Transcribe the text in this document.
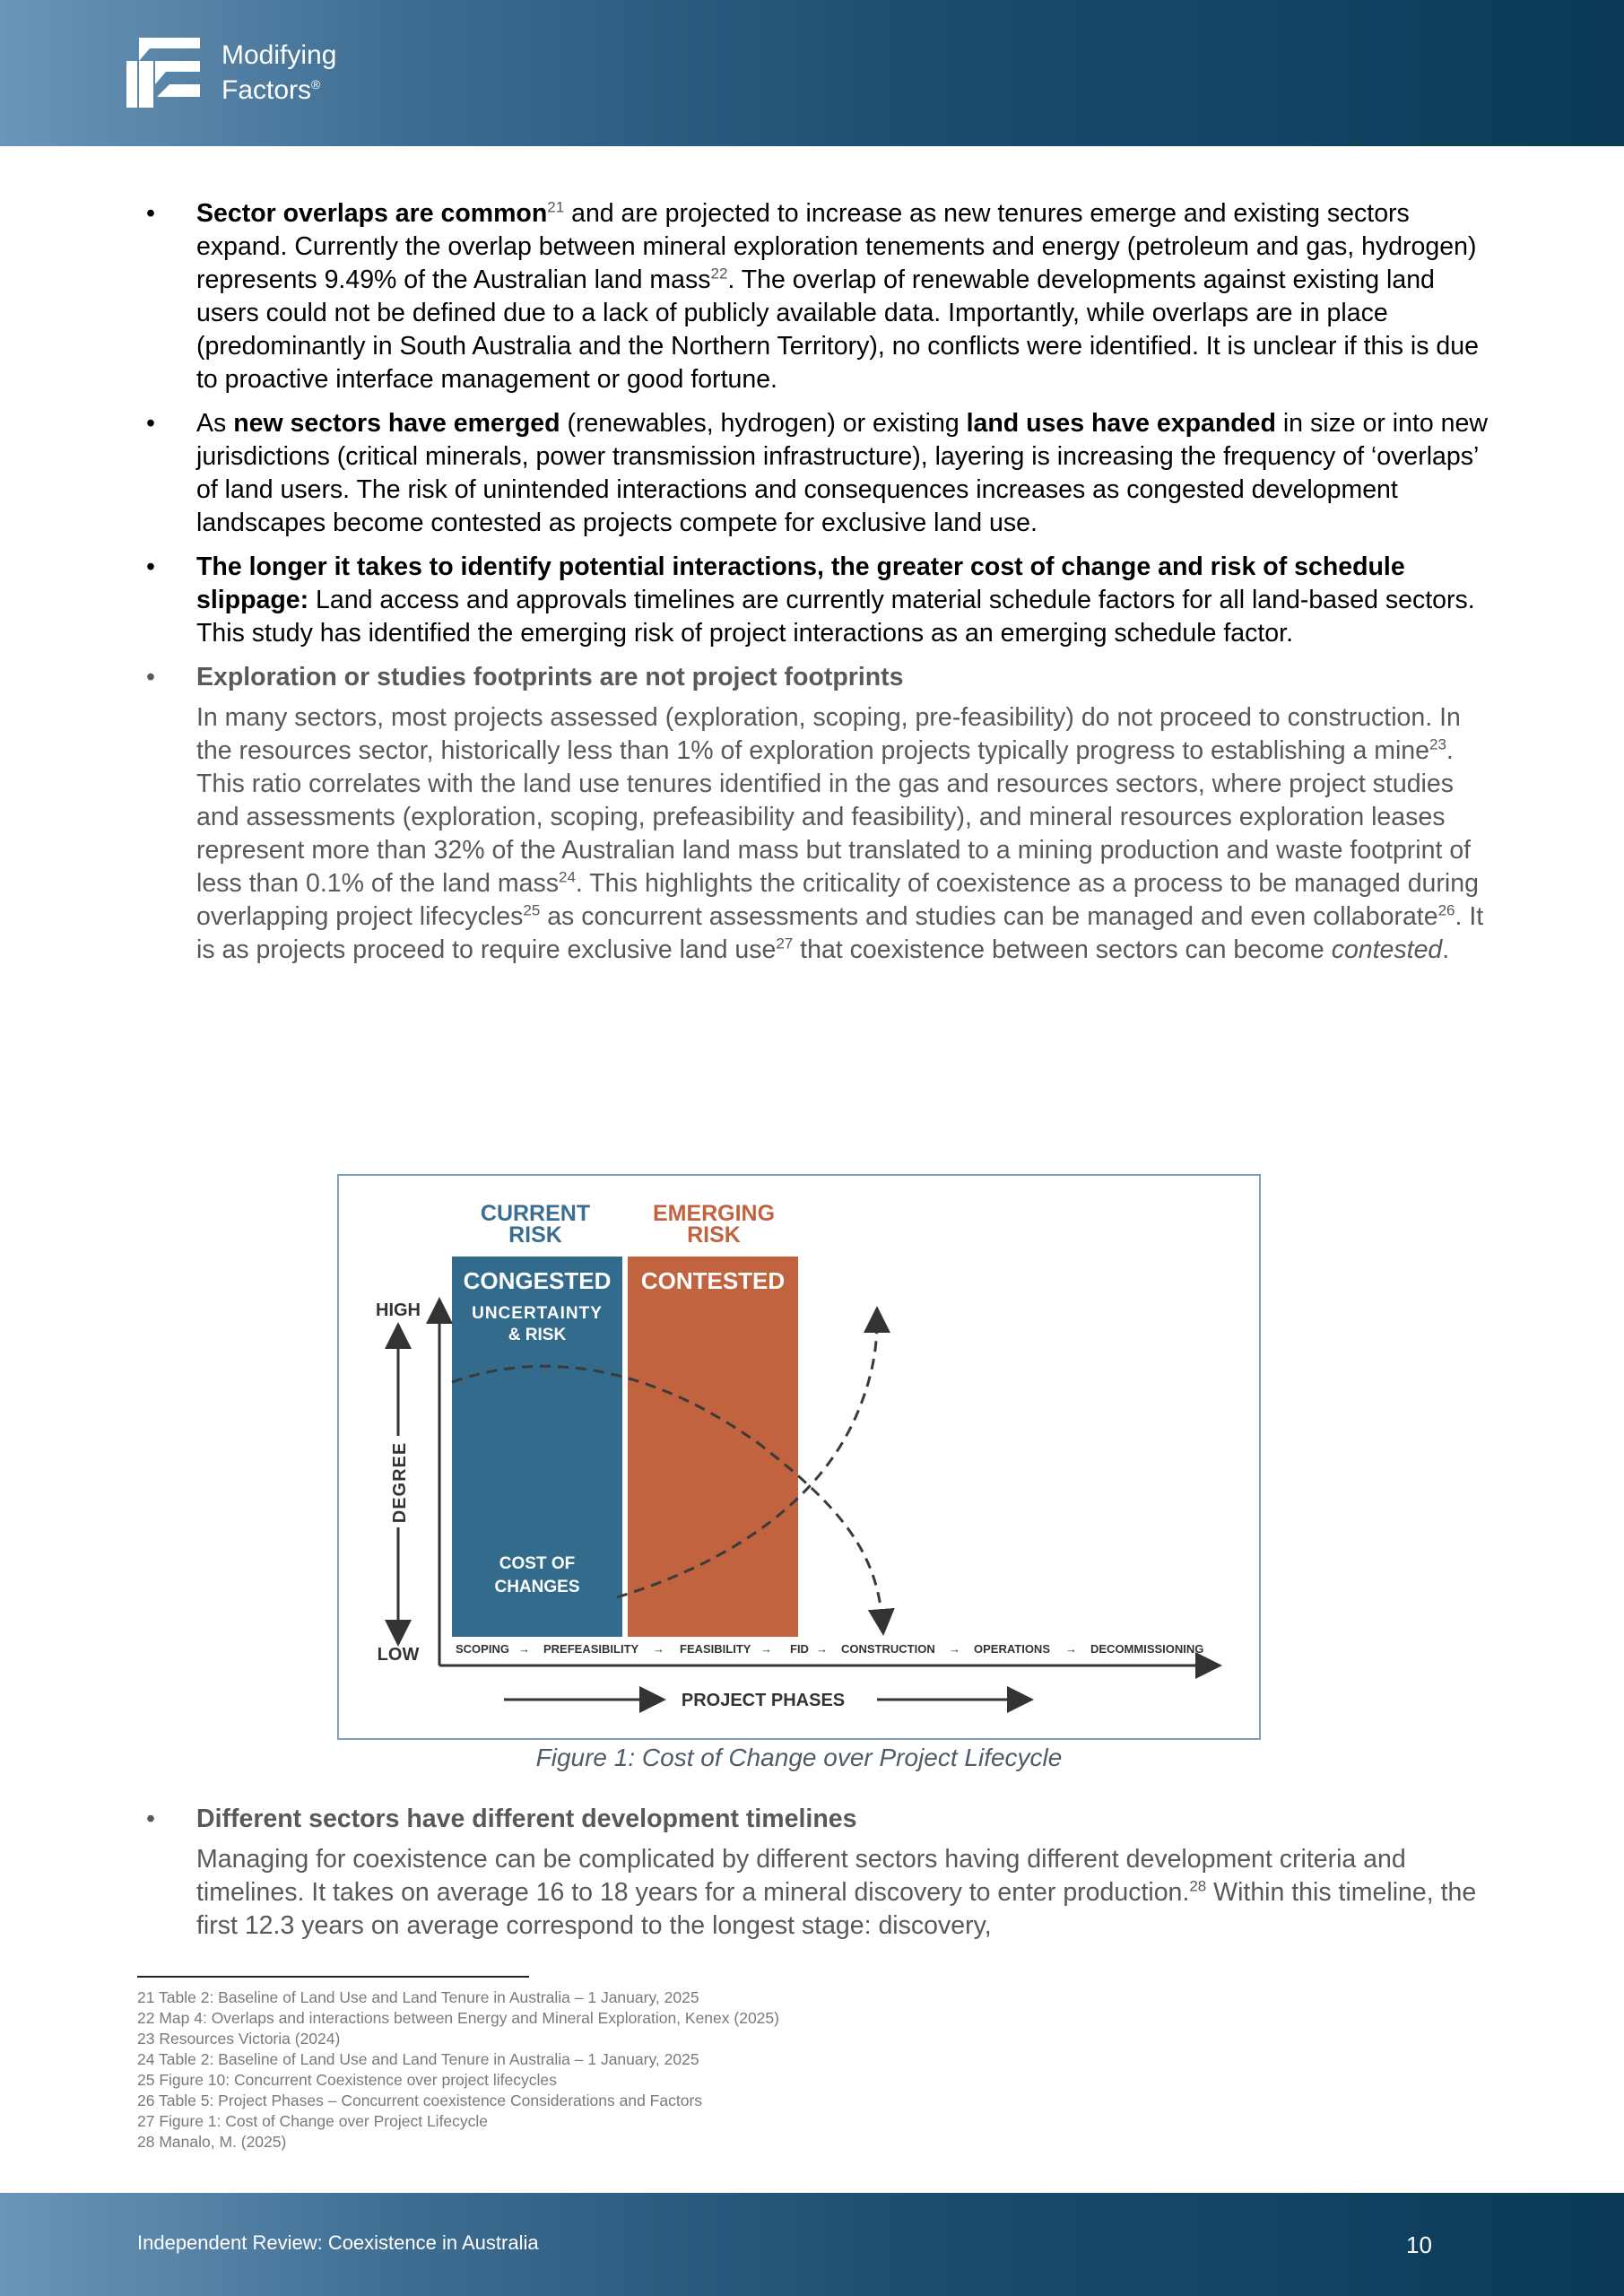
Modifying
Factors®
•	Sector overlaps are common$^{21}$ and are projected to increase as new tenures emerge and existing sectors expand. Currently the overlap between mineral exploration tenements and energy (petroleum and gas, hydrogen) represents 9.49% of the Australian land mass$^{22}$. The overlap of renewable developments against existing land users could not be defined due to a lack of publicly available data. Importantly, while overlaps are in place (predominantly in South Australia and the Northern Territory), no conflicts were identified. It is unclear if this is due to proactive interface management or good fortune.
•	As new sectors have emerged (renewables, hydrogen) or existing land uses have expanded in size or into new jurisdictions (critical minerals, power transmission infrastructure), layering is increasing the frequency of ‘overlaps’ of land users. The risk of unintended interactions and consequences increases as congested development landscapes become contested as projects compete for exclusive land use.
•	The longer it takes to identify potential interactions, the greater cost of change and risk of schedule slippage: Land access and approvals timelines are currently material schedule factors for all land-based sectors. This study has identified the emerging risk of project interactions as an emerging schedule factor.
•	Exploration or studies footprints are not project footprints

In many sectors, most projects assessed (exploration, scoping, pre-feasibility) do not proceed to construction. In the resources sector, historically less than 1% of exploration projects typically progress to establishing a mine$^{23}$. This ratio correlates with the land use tenures identified in the gas and resources sectors, where project studies and assessments (exploration, scoping, prefeasibility and feasibility), and mineral resources exploration leases represent more than 32% of the Australian land mass but translated to a mining production and waste footprint of less than 0.1% of the land mass$^{24}$. This highlights the criticality of coexistence as a process to be managed during overlapping project lifecycles$^{25}$ as concurrent assessments and studies can be managed and even collaborate$^{26}$. It is as projects proceed to require exclusive land use$^{27}$ that coexistence between sectors can become contested.

CURRENT
RISK
EMERGING
RISK
CONGESTED
UNCERTAINTY
& RISK
CONTESTED
COST OF
CHANGES
HIGH
LOW
DEGREE
SCOPING → PREFEASIBILITY → FEASIBILITY → FID → CONSTRUCTION → OPERATIONS → DECOMMISSIONING
PROJECT PHASES
Figure 1: Cost of Change over Project Lifecycle
•	Different sectors have different development timelines

Managing for coexistence can be complicated by different sectors having different development criteria and timelines. It takes on average 16 to 18 years for a mineral discovery to enter production.$^{28}$ Within this timeline, the first 12.3 years on average correspond to the longest stage: discovery,

21 Table 2: Baseline of Land Use and Land Tenure in Australia – 1 January, 2025
22 Map 4: Overlaps and interactions between Energy and Mineral Exploration, Kenex (2025)
23 Resources Victoria (2024)
24 Table 2: Baseline of Land Use and Land Tenure in Australia – 1 January, 2025
25 Figure 10: Concurrent Coexistence over project lifecycles
26 Table 5: Project Phases – Concurrent coexistence Considerations and Factors
27 Figure 1: Cost of Change over Project Lifecycle
28 Manalo, M. (2025)
Independent Review: Coexistence in Australia	10
